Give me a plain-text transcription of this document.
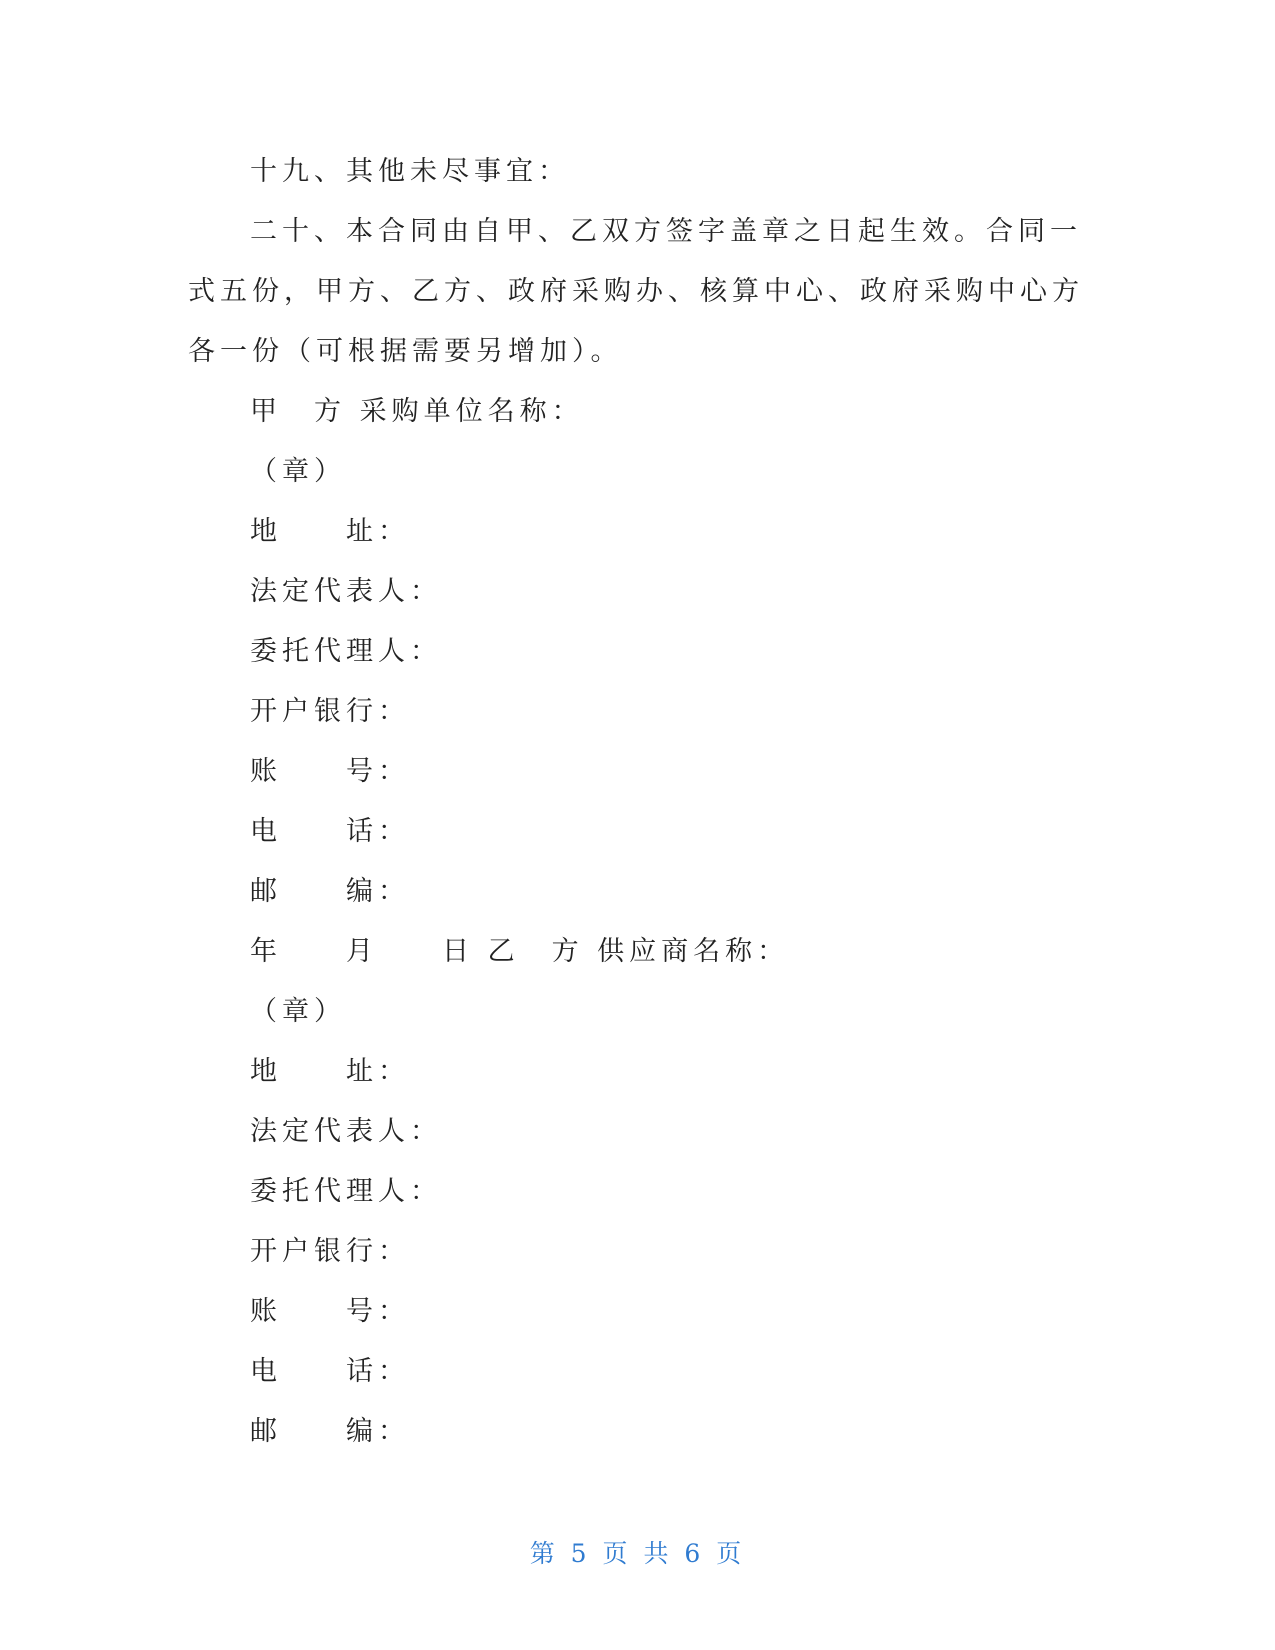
十九、其他未尽事宜：
二十、本合同由自甲、乙双方签字盖章之日起生效。合同一
式五份，甲方、乙方、政府采购办、核算中心、政府采购中心方
各一份（可根据需要另增加）。
甲　方 采购单位名称：
（章）
地　　址：
法定代表人：
委托代理人：
开户银行：
账　　号：
电　　话：
邮　　编：
年　　月　　日 乙　方 供应商名称：
（章）
地　　址：
法定代表人：
委托代理人：
开户银行：
账　　号：
电　　话：
邮　　编：
第 5 页 共 6 页
